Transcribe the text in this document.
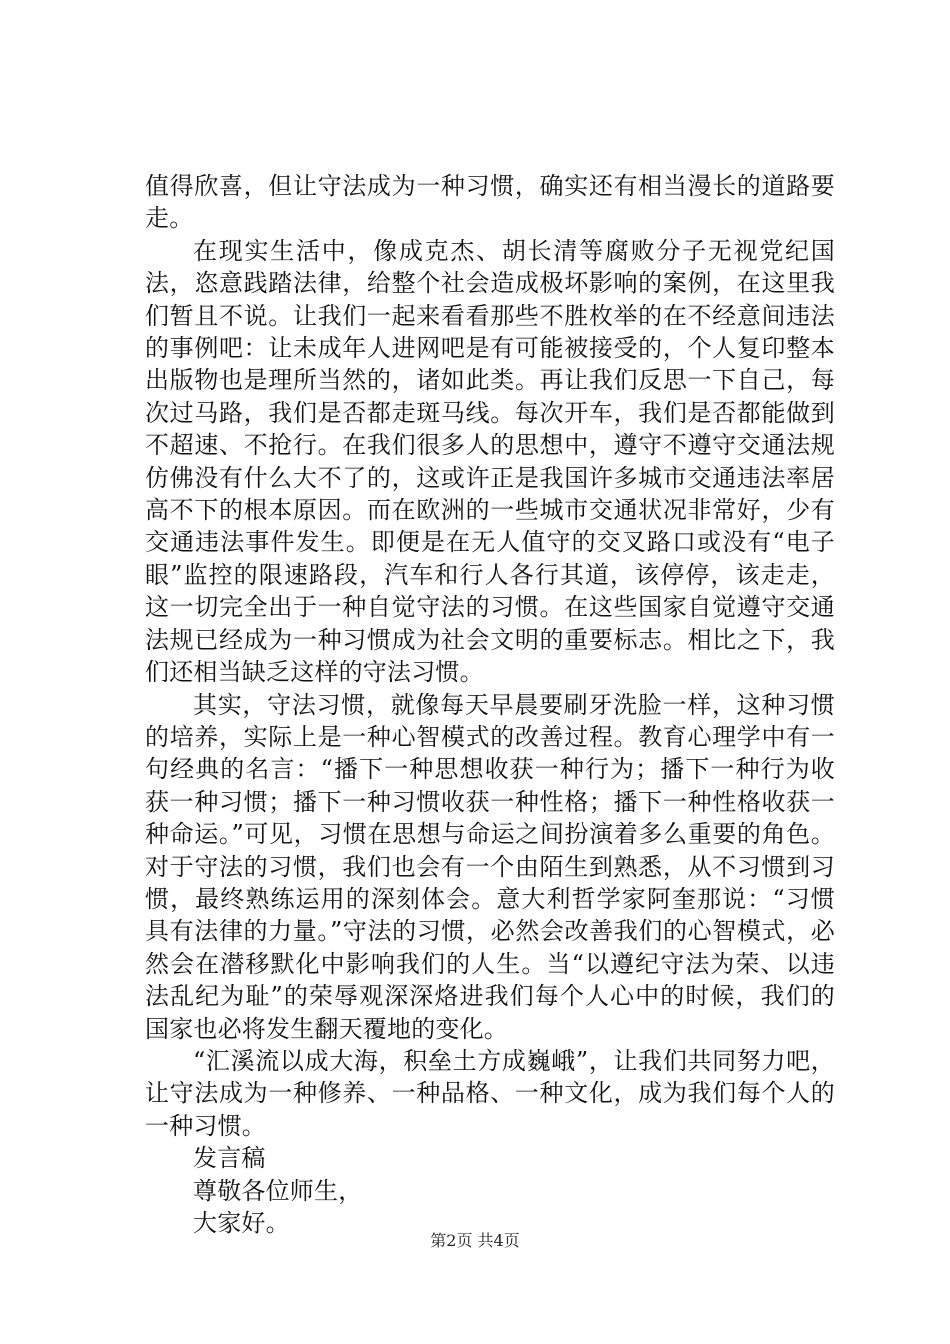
值得欣喜，但让守法成为一种习惯，确实还有相当漫长的道路要走。

在现实生活中，像成克杰、胡长清等腐败分子无视党纪国法，恣意践踏法律，给整个社会造成极坏影响的案例，在这里我们暂且不说。让我们一起来看看那些不胜枚举的在不经意间违法的事例吧：让未成年人进网吧是有可能被接受的，个人复印整本出版物也是理所当然的，诸如此类。再让我们反思一下自己，每次过马路，我们是否都走斑马线。每次开车，我们是否都能做到不超速、不抢行。在我们很多人的思想中，遵守不遵守交通法规仿佛没有什么大不了的，这或许正是我国许多城市交通违法率居高不下的根本原因。而在欧洲的一些城市交通状况非常好，少有交通违法事件发生。即便是在无人值守的交叉路口或没有“电子眼”监控的限速路段，汽车和行人各行其道，该停停，该走走，这一切完全出于一种自觉守法的习惯。在这些国家自觉遵守交通法规已经成为一种习惯成为社会文明的重要标志。相比之下，我们还相当缺乏这样的守法习惯。

其实，守法习惯，就像每天早晨要刷牙洗脸一样，这种习惯的培养，实际上是一种心智模式的改善过程。教育心理学中有一句经典的名言：“播下一种思想收获一种行为；播下一种行为收获一种习惯；播下一种习惯收获一种性格；播下一种性格收获一种命运。”可见，习惯在思想与命运之间扮演着多么重要的角色。对于守法的习惯，我们也会有一个由陌生到熟悉，从不习惯到习惯，最终熟练运用的深刻体会。意大利哲学家阿奎那说：“习惯具有法律的力量。”守法的习惯，必然会改善我们的心智模式，必然会在潜移默化中影响我们的人生。当“以遵纪守法为荣、以违法乱纪为耻”的荣辱观深深烙进我们每个人心中的时候，我们的国家也必将发生翻天覆地的变化。

“汇溪流以成大海，积垒土方成巍峨”，让我们共同努力吧，让守法成为一种修养、一种品格、一种文化，成为我们每个人的一种习惯。

发言稿

尊敬各位师生，

大家好。

第2页 共4页
